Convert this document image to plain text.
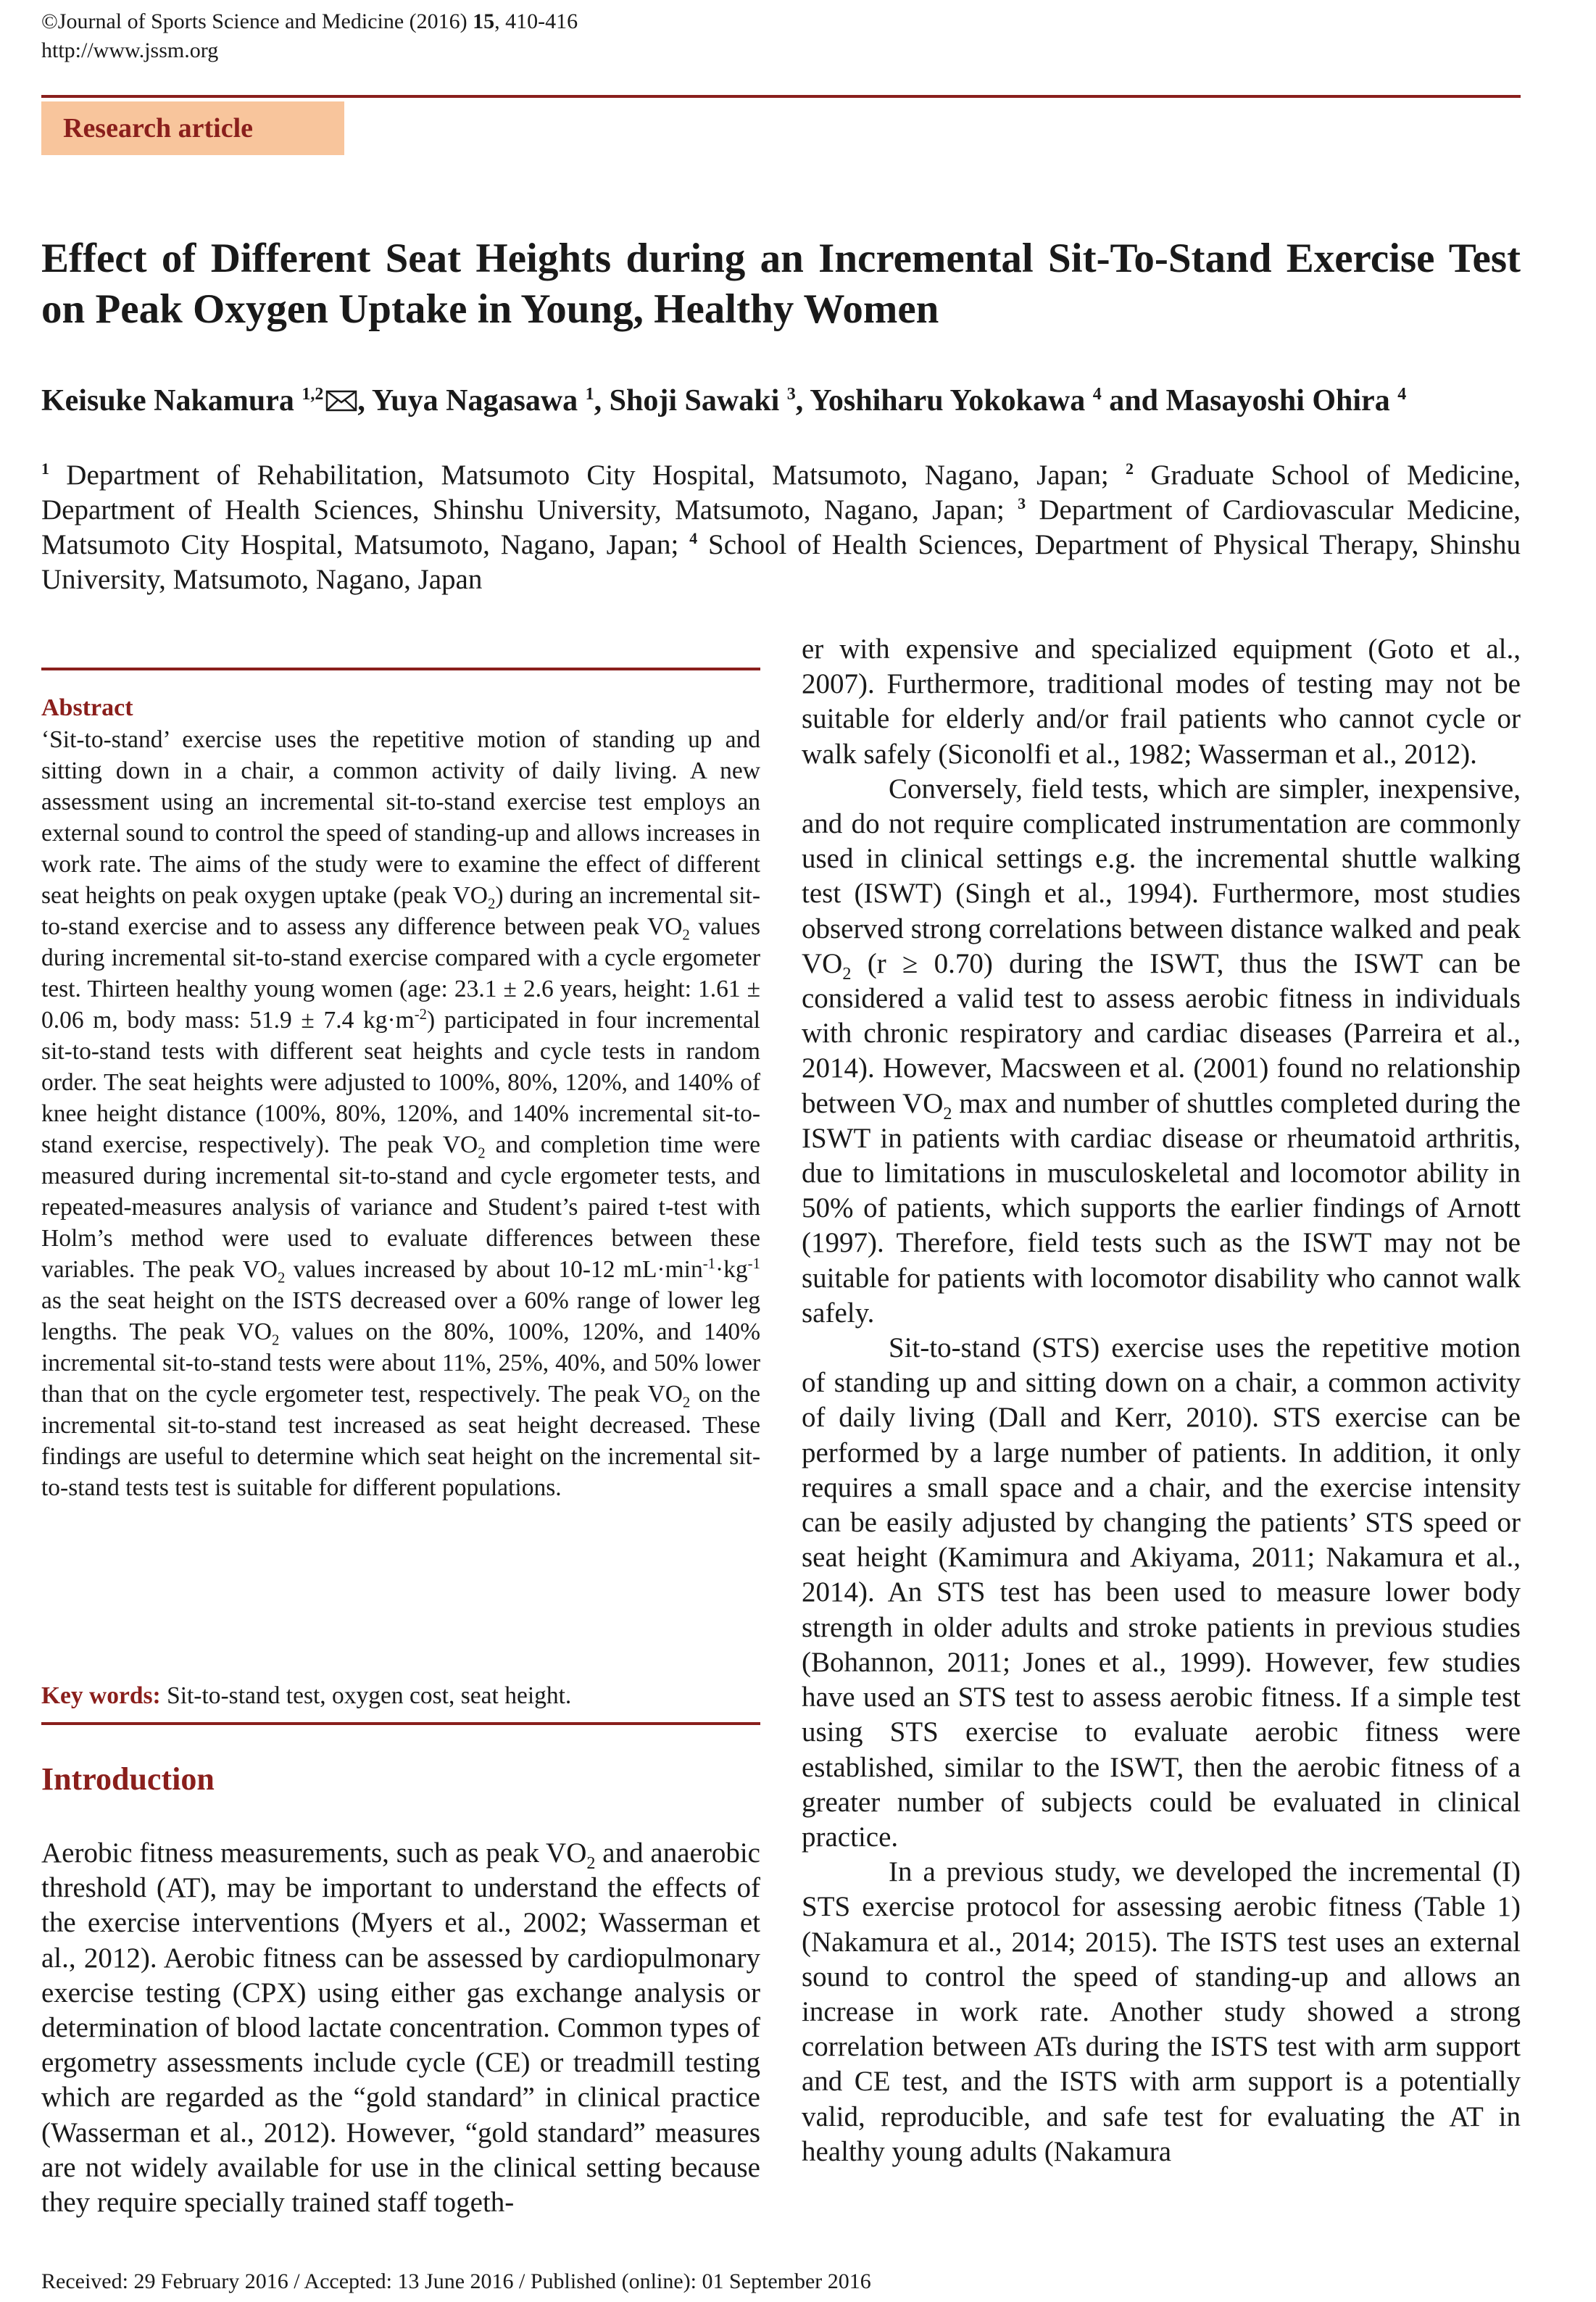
©Journal of Sports Science and Medicine (2016) 15, 410-416
http://www.jssm.org
Research article
Effect of Different Seat Heights during an Incremental Sit-To-Stand Exercise Test on Peak Oxygen Uptake in Young, Healthy Women
Keisuke Nakamura $^{1,2}$ , Yuya Nagasawa $^1$, Shoji Sawaki $^3$, Yoshiharu Yokokawa $^4$ and Masayoshi Ohira $^4$
$^1$ Department of Rehabilitation, Matsumoto City Hospital, Matsumoto, Nagano, Japan; $^2$ Graduate School of Medicine, Department of Health Sciences, Shinshu University, Matsumoto, Nagano, Japan; $^3$ Department of Cardiovascular Medicine, Matsumoto City Hospital, Matsumoto, Nagano, Japan; $^4$ School of Health Sciences, Department of Physical Therapy, Shinshu University, Matsumoto, Nagano, Japan
Abstract
‘Sit-to-stand’ exercise uses the repetitive motion of standing up and sitting down in a chair, a common activity of daily living. A new assessment using an incremental sit-to-stand exercise test employs an external sound to control the speed of standing-up and allows increases in work rate. The aims of the study were to examine the effect of different seat heights on peak oxygen uptake (peak $VO_2$) during an incremental sit-to-stand exercise and to assess any difference between peak $VO_2$ values during incremental sit-to-stand exercise compared with a cycle ergometer test. Thirteen healthy young women (age: 23.1 ± 2.6 years, height: 1.61 ± 0.06 m, body mass: 51.9 ± 7.4 $kg\cdot m^{-2}$) participated in four incremental sit-to-stand tests with different seat heights and cycle tests in random order. The seat heights were adjusted to 100%, 80%, 120%, and 140% of knee height distance (100%, 80%, 120%, and 140% incremental sit-to-stand exercise, respectively). The peak $VO_2$ and completion time were measured during incremental sit-to-stand and cycle ergometer tests, and repeated-measures analysis of variance and Student’s paired t-test with Holm’s method were used to evaluate differences between these variables. The peak $VO_2$ values increased by about 10-12 $mL\cdot\min^{-1}\cdot kg^{-1}$ as the seat height on the ISTS decreased over a 60% range of lower leg lengths. The peak $VO_2$ values on the 80%, 100%, 120%, and 140% incremental sit-to-stand tests were about 11%, 25%, 40%, and 50% lower than that on the cycle ergometer test, respectively. The peak $VO_2$ on the incremental sit-to-stand test increased as seat height decreased. These findings are useful to determine which seat height on the incremental sit-to-stand tests test is suitable for different populations.
Key words: Sit-to-stand test, oxygen cost, seat height.
Introduction
Aerobic fitness measurements, such as peak $VO_2$ and anaerobic threshold (AT), may be important to understand the effects of the exercise interventions (Myers et al., 2002; Wasserman et al., 2012). Aerobic fitness can be assessed by cardiopulmonary exercise testing (CPX) using either gas exchange analysis or determination of blood lactate concentration. Common types of ergometry assessments include cycle (CE) or treadmill testing which are regarded as the “gold standard” in clinical practice (Wasserman et al., 2012). However, “gold standard” measures are not widely available for use in the clinical setting because they require specially trained staff togeth-

er with expensive and specialized equipment (Goto et al., 2007). Furthermore, traditional modes of testing may not be suitable for elderly and/or frail patients who cannot cycle or walk safely (Siconolfi et al., 1982; Wasserman et al., 2012).

Conversely, field tests, which are simpler, inexpensive, and do not require complicated instrumentation are commonly used in clinical settings e.g. the incremental shuttle walking test (ISWT) (Singh et al., 1994). Furthermore, most studies observed strong correlations between distance walked and peak $VO_2$ (r ≥ 0.70) during the ISWT, thus the ISWT can be considered a valid test to assess aerobic fitness in individuals with chronic respiratory and cardiac diseases (Parreira et al., 2014). However, Macsween et al. (2001) found no relationship between $VO_2$ max and number of shuttles completed during the ISWT in patients with cardiac disease or rheumatoid arthritis, due to limitations in musculoskeletal and locomotor ability in 50% of patients, which supports the earlier findings of Arnott (1997). Therefore, field tests such as the ISWT may not be suitable for patients with locomotor disability who cannot walk safely.

Sit-to-stand (STS) exercise uses the repetitive motion of standing up and sitting down on a chair, a common activity of daily living (Dall and Kerr, 2010). STS exercise can be performed by a large number of patients. In addition, it only requires a small space and a chair, and the exercise intensity can be easily adjusted by changing the patients’ STS speed or seat height (Kamimura and Akiyama, 2011; Nakamura et al., 2014). An STS test has been used to measure lower body strength in older adults and stroke patients in previous studies (Bohannon, 2011; Jones et al., 1999). However, few studies have used an STS test to assess aerobic fitness. If a simple test using STS exercise to evaluate aerobic fitness were established, similar to the ISWT, then the aerobic fitness of a greater number of subjects could be evaluated in clinical practice.

In a previous study, we developed the incremental (I) STS exercise protocol for assessing aerobic fitness (Table 1) (Nakamura et al., 2014; 2015). The ISTS test uses an external sound to control the speed of standing-up and allows an increase in work rate. Another study showed a strong correlation between ATs during the ISTS test with arm support and CE test, and the ISTS with arm support is a potentially valid, reproducible, and safe test for evaluating the AT in healthy young adults (Nakamura

Received: 29 February 2016 / Accepted: 13 June 2016 / Published (online): 01 September 2016
